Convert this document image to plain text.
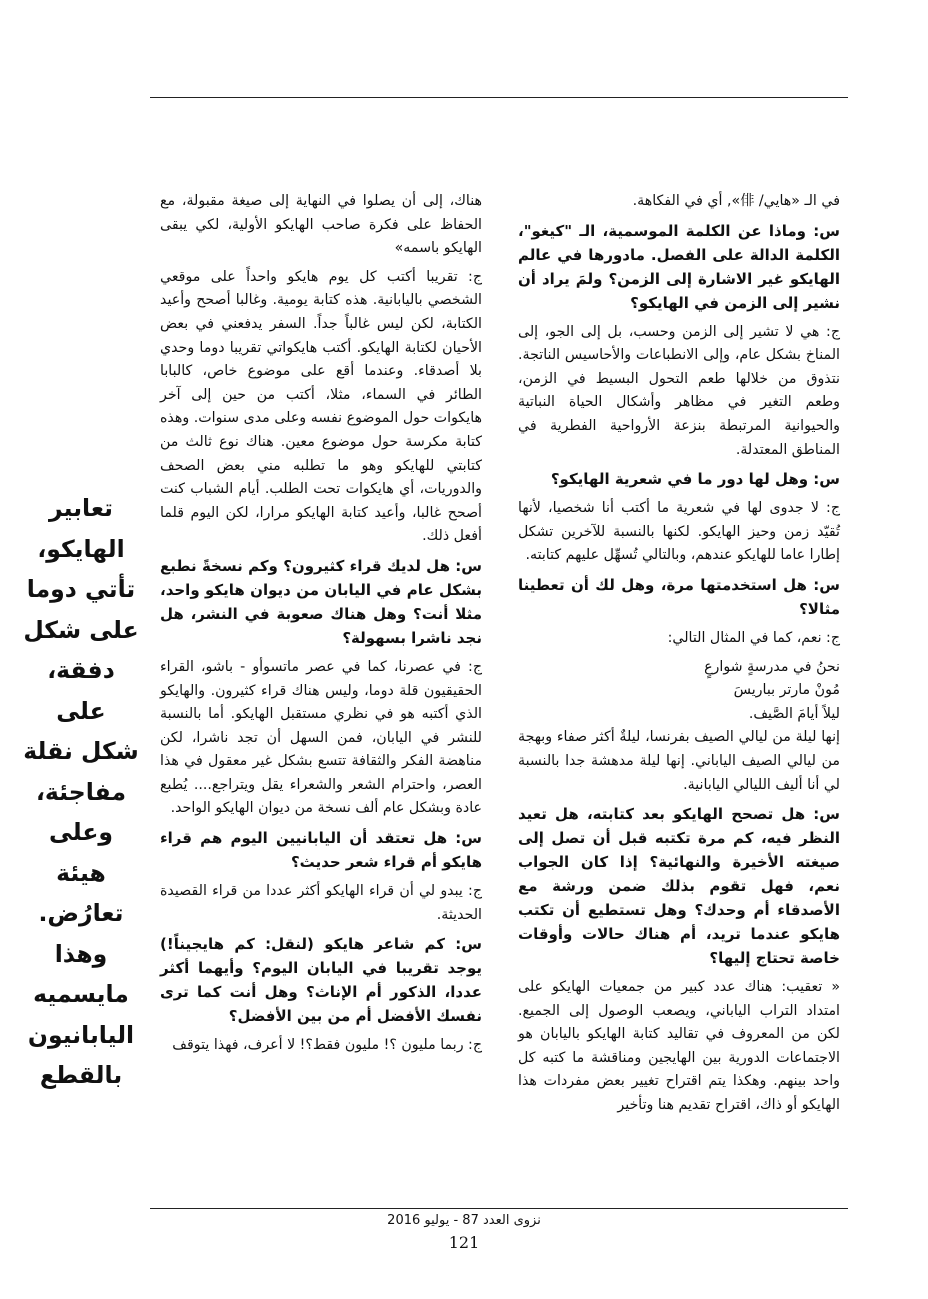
في الـ «هايي/ 俳», أي في الفكاهة.

س: وماذا عن الكلمة الموسمية، الـ "كيغو"، الكلمة الدالة على الفصل. مادورها في عالم الهايكو غير الاشارة إلى الزمن؟ ولمَ يراد أن نشير إلى الزمن في الهايكو؟

ج: هي لا تشير إلى الزمن وحسب، بل إلى الجو، إلى المناخ بشكل عام، وإلى الانطباعات والأحاسيس الناتجة. نتذوق من خلالها طعم التحول البسيط في الزمن، وطعم التغير في مظاهر وأشكال الحياة النباتية والحيوانية المرتبطة بنزعة الأرواحية الفطرية في المناطق المعتدلة.

س: وهل لها دور ما في شعرية الهايكو؟

ج: لا جدوى لها في شعرية ما أكتب أنا شخصيا، لأنها تُقيّد زمن وحيز الهايكو. لكنها بالنسبة للآخرين تشكل إطارا عاما للهايكو عندهم، وبالتالي تُسهِّل عليهم كتابته.

س: هل استخدمتها مرة، وهل لك أن تعطينا مثالا؟

ج: نعم، كما في المثال التالي:

نحنُ في مدرسةٍ شوارعٍ

مُونْ مارتر بباريسَ

ليلاً أيامَ الصَّيف.

إنها ليلة من ليالي الصيف بفرنسا، ليلةٌ أكثر صفاء وبهجة من ليالي الصيف الياباني. إنها ليلة مدهشة جدا بالنسبة لي أنا أليف الليالي اليابانية.

س: هل تصحح الهايكو بعد كتابته، هل تعيد النظر فيه، كم مرة تكتبه قبل أن تصل إلى صيغته الأخيرة والنهائية؟ إذا كان الجواب نعم، فهل تقوم بذلك ضمن ورشة مع الأصدقاء أم وحدك؟ وهل تستطيع أن تكتب هايكو عندما تريد، أم هناك حالات وأوقات خاصة تحتاج إليها؟

« تعقيب: هناك عدد كبير من جمعيات الهايكو على امتداد التراب الياباني، ويصعب الوصول إلى الجميع. لكن من المعروف في تقاليد كتابة الهايكو باليابان هو الاجتماعات الدورية بين الهايجين ومناقشة ما كتبه كل واحد بينهم. وهكذا يتم اقتراح تغيير بعض مفردات هذا الهايكو أو ذاك، اقتراح تقديم هنا وتأخير

هناك، إلى أن يصلوا في النهاية إلى صيغة مقبولة، مع الحفاظ على فكرة صاحب الهايكو الأولية، لكي يبقى الهايكو باسمه»

ج: تقريبا أكتب كل يوم هايكو واحداً على موقعي الشخصي باليابانية. هذه كتابة يومية. وغالبا أصحح وأعيد الكتابة، لكن ليس غالباً جداً. السفر يدفعني في بعض الأحيان لكتابة الهايكو. أكتب هايكواتي تقريبا دوما وحدي بلا أصدقاء. وعندما أقع على موضوع خاص، كالبابا الطائر في السماء، مثلا، أكتب من حين إلى آخر هايكوات حول الموضوع نفسه وعلى مدى سنوات. وهذه كتابة مكرسة حول موضوع معين. هناك نوع ثالث من كتابتي للهايكو وهو ما تطلبه مني بعض الصحف والدوريات، أي هايكوات تحت الطلب. أيام الشباب كنت أصحح غالبا، وأعيد كتابة الهايكو مرارا، لكن اليوم قلما أفعل ذلك.

س: هل لديك قراء كثيرون؟ وكم نسخةً نطبع بشكل عام في اليابان من ديوان هايكو واحد، مثلا أنت؟ وهل هناك صعوبة في النشر، هل نجد ناشرا بسهولة؟

ج: في عصرنا، كما في عصر ماتسوأو - باشو، القراء الحقيقيون قلة دوما، وليس هناك قراء كثيرون. والهايكو الذي أكتبه هو في نظري مستقبل الهايكو. أما بالنسبة للنشر في اليابان، فمن السهل أن تجد ناشرا، لكن مناهضة الفكر والثقافة تتسع بشكل غير معقول في هذا العصر، واحترام الشعر والشعراء يقل ويتراجع.... يُطبع عادة وبشكل عام ألف نسخة من ديوان الهايكو الواحد.

س: هل تعتقد أن اليابانيين اليوم هم قراء هايكو أم قراء شعر حديث؟

ج: يبدو لي أن قراء الهايكو أكثر عددا من قراء القصيدة الحديثة.

س: كم شاعر هايكو (لنقل: كم هايجيناً!) يوجد تقريبا في اليابان اليوم؟ وأيهما أكثر عددا، الذكور أم الإناث؟ وهل أنت كما ترى نفسك الأفضل أم من بين الأفضل؟

ج: ربما مليون ؟! مليون فقط؟! لا أعرف، فهذا يتوقف

تعابير
الهايكو،
تأتي دوما
على شكل
دفقة، على
شكل نقلة
مفاجئة،
وعلى هيئة
تعارُض.
وهذا
مايسميه
اليابانيون
بالقطع
نزوى العدد 87 - يوليو 2016
121
